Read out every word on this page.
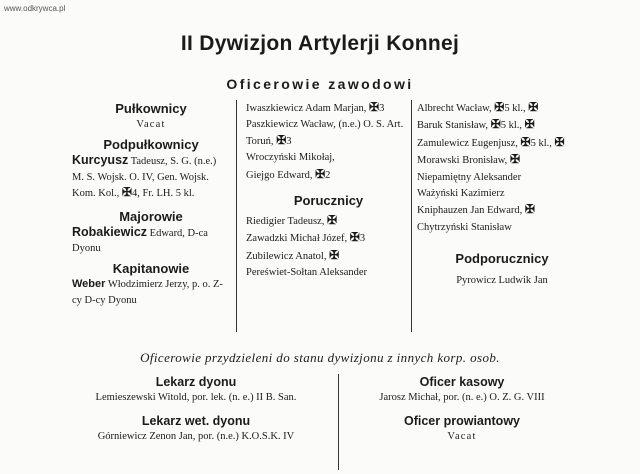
www.odkrywca.pl
II Dywizjon Artylerji Konnej
Oficerowie zawodowi
Pułkownicy
Vacat
Podpułkownicy
Kurcyusz Tadeusz, S. G. (n.e.) M. S. Wojsk. O. IV, Gen. Wojsk. Kom. Kol., ✠4, Fr. LH. 5 kl.
Majorowie
Robakiewicz Edward, D-ca Dyonu
Kapitanowie
Weber Włodzimierz Jerzy, p. o. Z-cy D-cy Dyonu
Iwaszkiewicz Adam Marjan, ✠3
Paszkiewicz Wacław, (n.e.) O. S. Art. Toruń, ✠3
Wroczyński Mikołaj,
Giejgo Edward, ✠2
Porucznicy
Riedigier Tadeusz, ✠
Zawadzki Michał Józef, ✠3
Zubilewicz Anatol, ✠
Pereświet-Sołtan Aleksander
Albrecht Wacław, ✠5 kl., ✠
Baruk Stanisław, ✠5 kl., ✠
Zamulewicz Eugenjusz, ✠5 kl., ✠
Morawski Bronisław, ✠
Niepamiętny Aleksander
Ważyński Kazimierz
Kniphauzen Jan Edward, ✠
Chytrzyński Stanisław
Podporucznicy
Pyrowicz Ludwik Jan
Oficerowie przydzieleni do stanu dywizjonu z innych korp. osob.
Lekarz dyonu
Lemieszewski Witold, por. lek. (n. e.) II B. San.
Lekarz wet. dyonu
Górniewicz Zenon Jan, por. (n.e.) K.O.S.K. IV
Oficer kasowy
Jarosz Michał, por. (n. e.) O. Z. G. VIII
Oficer prowiantowy
Vacat
